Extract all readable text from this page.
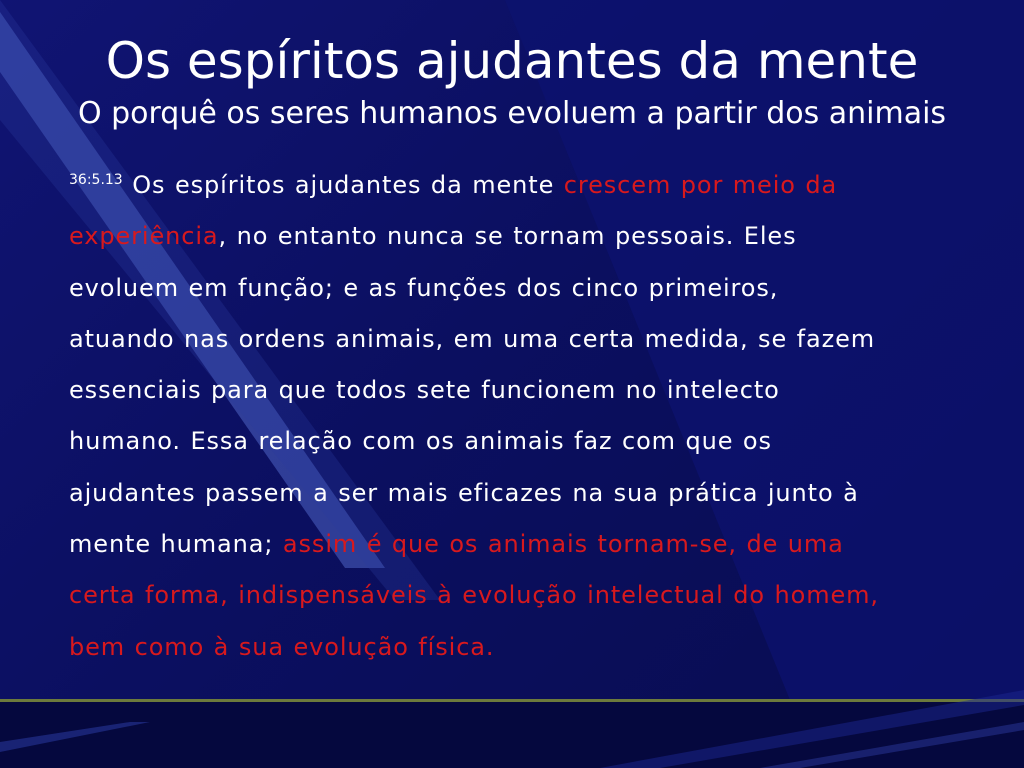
Os espíritos ajudantes da mente
O porquê os seres humanos evoluem a partir dos animais
$^{36:5.13}$ Os espíritos ajudantes da mente crescem por meio da
experiência, no entanto nunca se tornam pessoais. Eles
evoluem em função; e as funções dos cinco primeiros,
atuando nas ordens animais, em uma certa medida, se fazem
essenciais para que todos sete funcionem no intelecto
humano. Essa relação com os animais faz com que os
ajudantes passem a ser mais eficazes na sua prática junto à
mente humana; assim é que os animais tornam-se, de uma
certa forma, indispensáveis à evolução intelectual do homem,
bem como à sua evolução física.
